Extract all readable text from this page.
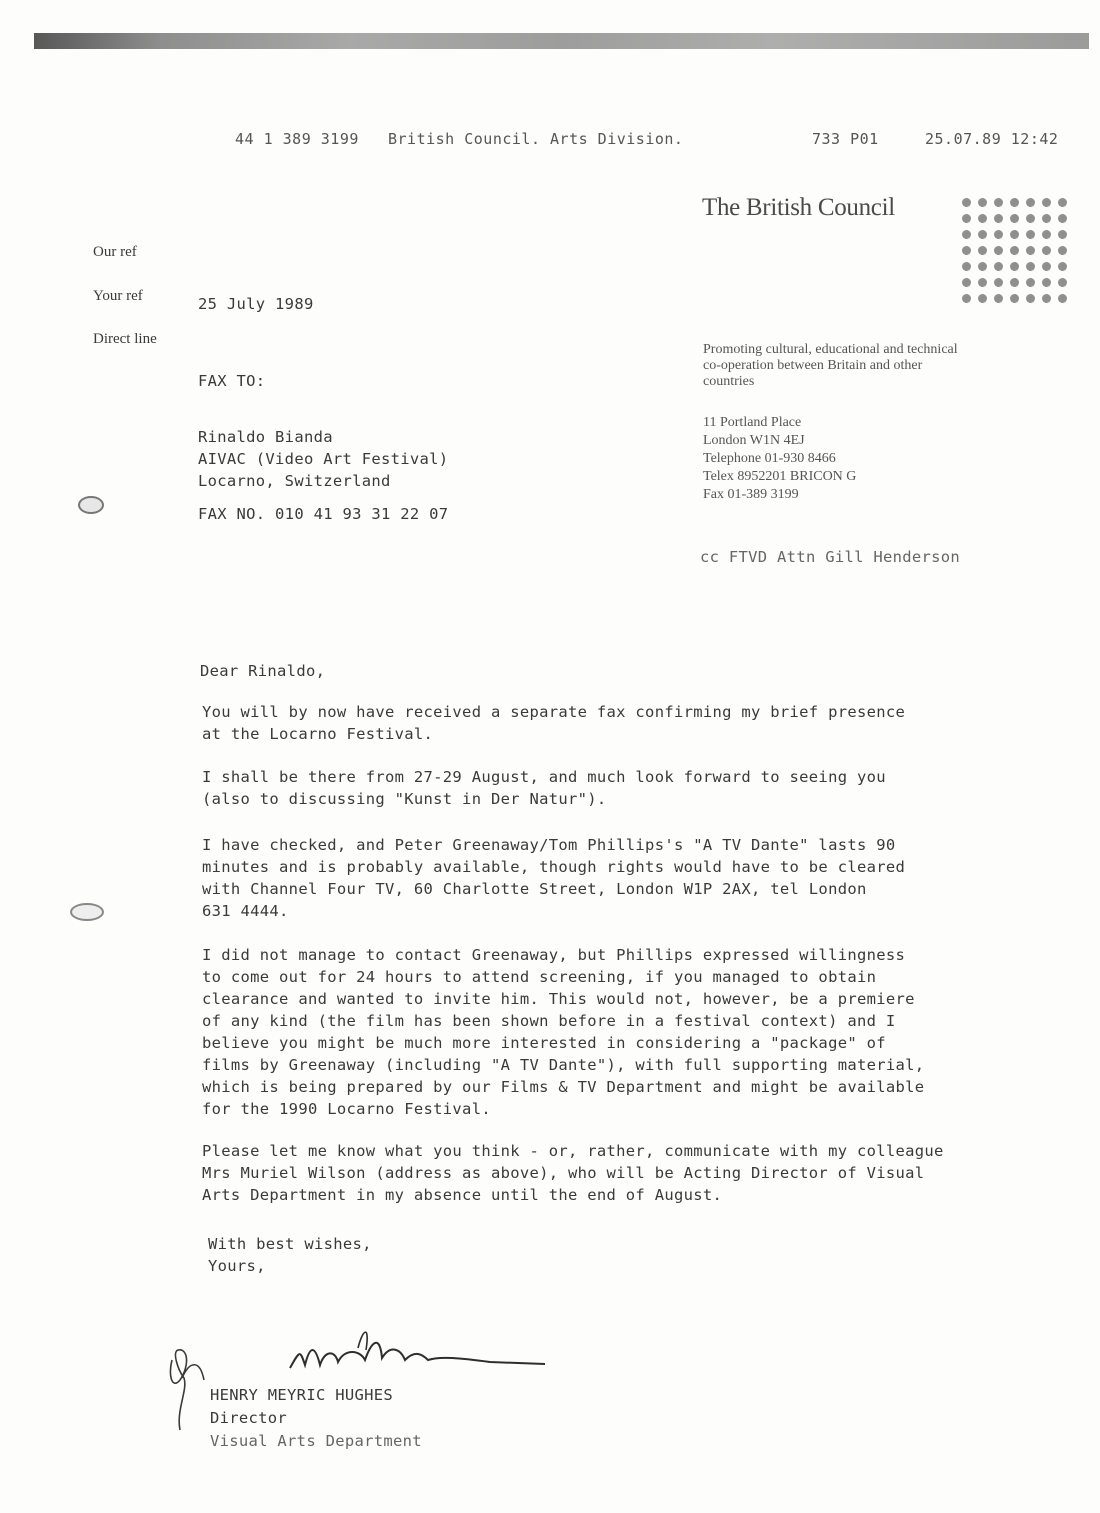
44 1 389 3199 British Council. Arts Division.	733 P01	25.07.89 12:42
The British Council
Our ref
Your ref
Direct line
25 July 1989
Promoting cultural, educational and technical co-operation between Britain and other countries
11 Portland Place
London W1N 4EJ
Telephone 01-930 8466
Telex 8952201 BRICON G
Fax 01-389 3199
FAX TO:
Rinaldo Bianda
AIVAC (Video Art Festival)
Locarno, Switzerland
FAX NO. 010 41 93 31 22 07
cc FTVD Attn Gill Henderson
Dear Rinaldo,
You will by now have received a separate fax confirming my brief presence
at the Locarno Festival.
I shall be there from 27-29 August, and much look forward to seeing you
(also to discussing "Kunst in Der Natur").
I have checked, and Peter Greenaway/Tom Phillips's "A TV Dante" lasts 90
minutes and is probably available, though rights would have to be cleared
with Channel Four TV, 60 Charlotte Street, London W1P 2AX, tel London
631 4444.
I did not manage to contact Greenaway, but Phillips expressed willingness
to come out for 24 hours to attend screening, if you managed to obtain
clearance and wanted to invite him. This would not, however, be a premiere
of any kind (the film has been shown before in a festival context) and I
believe you might be much more interested in considering a "package" of
films by Greenaway (including "A TV Dante"), with full supporting material,
which is being prepared by our Films & TV Department and might be available
for the 1990 Locarno Festival.
Please let me know what you think - or, rather, communicate with my colleague
Mrs Muriel Wilson (address as above), who will be Acting Director of Visual
Arts Department in my absence until the end of August.
With best wishes,
Yours,
HENRY MEYRIC HUGHES
Director
Visual Arts Department
